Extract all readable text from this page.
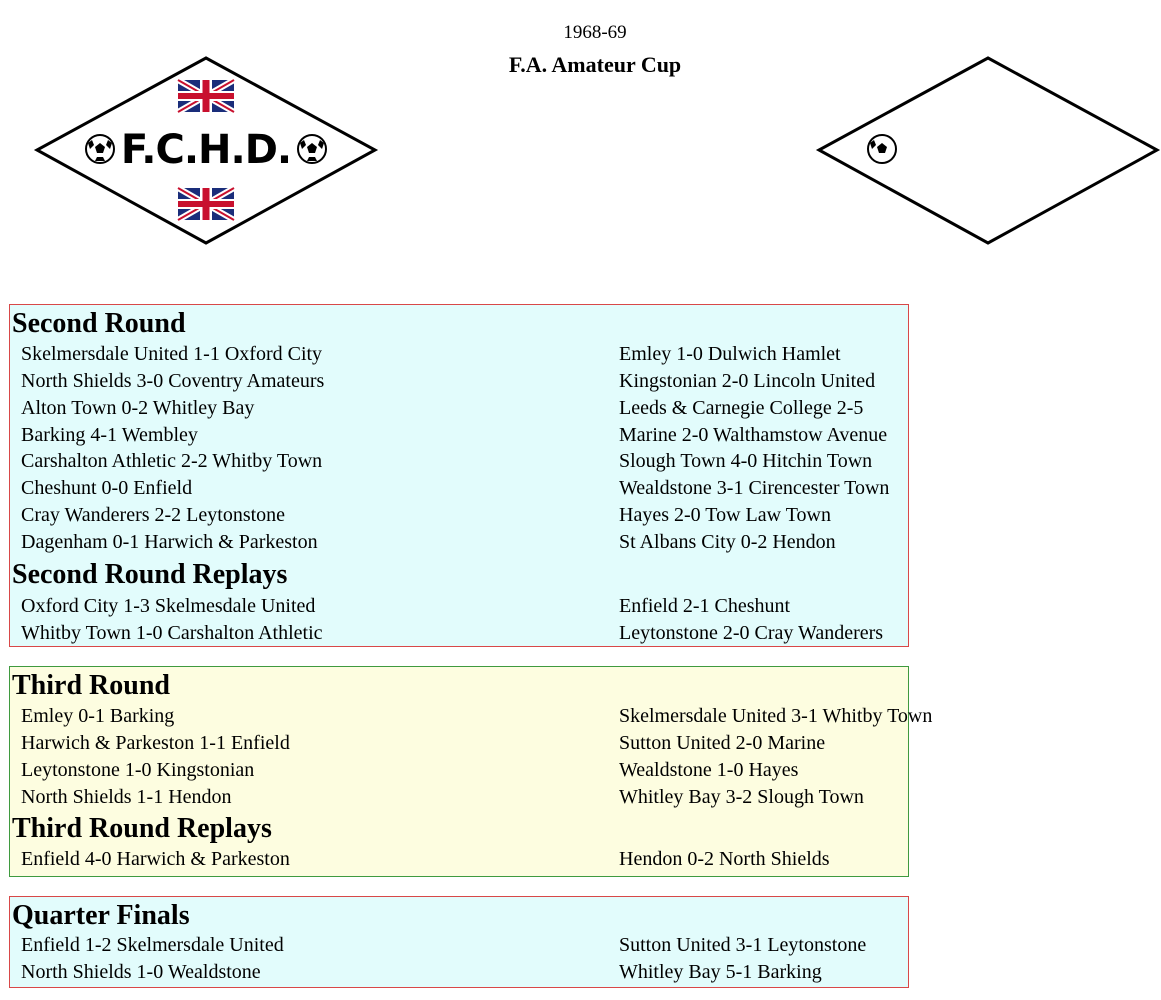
1968-69
F.A. Amateur Cup
F.C.H.D.
Second Round
Skelmersdale United 1-1 Oxford City
North Shields 3-0 Coventry Amateurs
Alton Town 0-2 Whitley Bay
Barking 4-1 Wembley
Carshalton Athletic 2-2 Whitby Town
Cheshunt 0-0 Enfield
Cray Wanderers 2-2 Leytonstone
Dagenham 0-1 Harwich & Parkeston
Emley 1-0 Dulwich Hamlet
Kingstonian 2-0 Lincoln United
Leeds & Carnegie College 2-5
Marine 2-0 Walthamstow Avenue
Slough Town 4-0 Hitchin Town
Wealdstone 3-1 Cirencester Town
Hayes 2-0 Tow Law Town
St Albans City 0-2 Hendon
Second Round Replays
Oxford City 1-3 Skelmesdale United
Whitby Town 1-0 Carshalton Athletic
Enfield 2-1 Cheshunt
Leytonstone 2-0 Cray Wanderers
Third Round
Emley 0-1 Barking
Harwich & Parkeston 1-1 Enfield
Leytonstone 1-0 Kingstonian
North Shields 1-1 Hendon
Skelmersdale United 3-1 Whitby Town
Sutton United 2-0 Marine
Wealdstone 1-0 Hayes
Whitley Bay 3-2 Slough Town
Third Round Replays
Enfield 4-0 Harwich & Parkeston	Hendon 0-2 North Shields
Quarter Finals
Enfield 1-2 Skelmersdale United
North Shields 1-0 Wealdstone
Sutton United 3-1 Leytonstone
Whitley Bay 5-1 Barking
